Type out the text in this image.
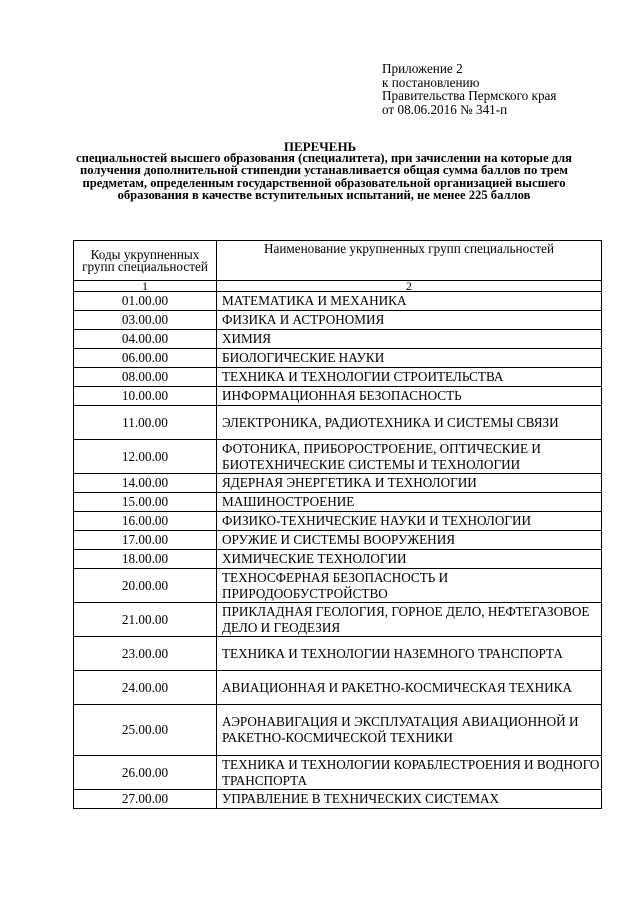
Приложение 2
к постановлению
Правительства Пермского края
от 08.06.2016 № 341-п
ПЕРЕЧЕНЬ
специальностей высшего образования (специалитета), при зачислении на которые для получения дополнительной стипендии устанавливается общая сумма баллов по трем предметам, определенным государственной образовательной организацией высшего образования в качестве вступительных испытаний, не менее 225 баллов
Коды укрупненных групп специальностей	Наименование укрупненных групп специальностей
1	2
01.00.00	МАТЕМАТИКА И МЕХАНИКА
03.00.00	ФИЗИКА И АСТРОНОМИЯ
04.00.00	ХИМИЯ
06.00.00	БИОЛОГИЧЕСКИЕ НАУКИ
08.00.00	ТЕХНИКА И ТЕХНОЛОГИИ СТРОИТЕЛЬСТВА
10.00.00	ИНФОРМАЦИОННАЯ БЕЗОПАСНОСТЬ
11.00.00	ЭЛЕКТРОНИКА, РАДИОТЕХНИКА И СИСТЕМЫ СВЯЗИ
12.00.00	ФОТОНИКА, ПРИБОРОСТРОЕНИЕ, ОПТИЧЕСКИЕ И БИОТЕХНИЧЕСКИЕ СИСТЕМЫ И ТЕХНОЛОГИИ
14.00.00	ЯДЕРНАЯ ЭНЕРГЕТИКА И ТЕХНОЛОГИИ
15.00.00	МАШИНОСТРОЕНИЕ
16.00.00	ФИЗИКО-ТЕХНИЧЕСКИЕ НАУКИ И ТЕХНОЛОГИИ
17.00.00	ОРУЖИЕ И СИСТЕМЫ ВООРУЖЕНИЯ
18.00.00	ХИМИЧЕСКИЕ ТЕХНОЛОГИИ
20.00.00	ТЕХНОСФЕРНАЯ БЕЗОПАСНОСТЬ И ПРИРОДООБУСТРОЙСТВО
21.00.00	ПРИКЛАДНАЯ ГЕОЛОГИЯ, ГОРНОЕ ДЕЛО, НЕФТЕГАЗОВОЕ ДЕЛО И ГЕОДЕЗИЯ
23.00.00	ТЕХНИКА И ТЕХНОЛОГИИ НАЗЕМНОГО ТРАНСПОРТА
24.00.00	АВИАЦИОННАЯ И РАКЕТНО-КОСМИЧЕСКАЯ ТЕХНИКА
25.00.00	АЭРОНАВИГАЦИЯ И ЭКСПЛУАТАЦИЯ АВИАЦИОННОЙ И РАКЕТНО-КОСМИЧЕСКОЙ ТЕХНИКИ
26.00.00	ТЕХНИКА И ТЕХНОЛОГИИ КОРАБЛЕСТРОЕНИЯ И ВОДНОГО ТРАНСПОРТА
27.00.00	УПРАВЛЕНИЕ В ТЕХНИЧЕСКИХ СИСТЕМАХ
